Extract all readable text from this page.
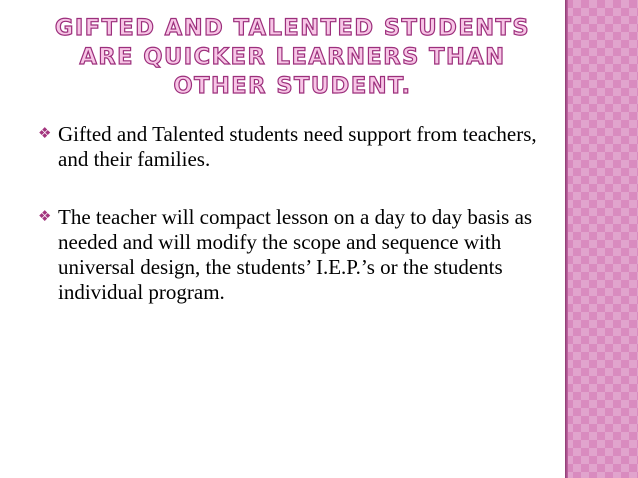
GIFTED AND TALENTED STUDENTS ARE QUICKER LEARNERS THAN OTHER STUDENT.
❖ Gifted and Talented students need support from teachers, and their families.
❖ The teacher will compact lesson on a day to day basis as needed and will modify the scope and sequence with universal design, the students’ I.E.P.’s or the students individual program.
